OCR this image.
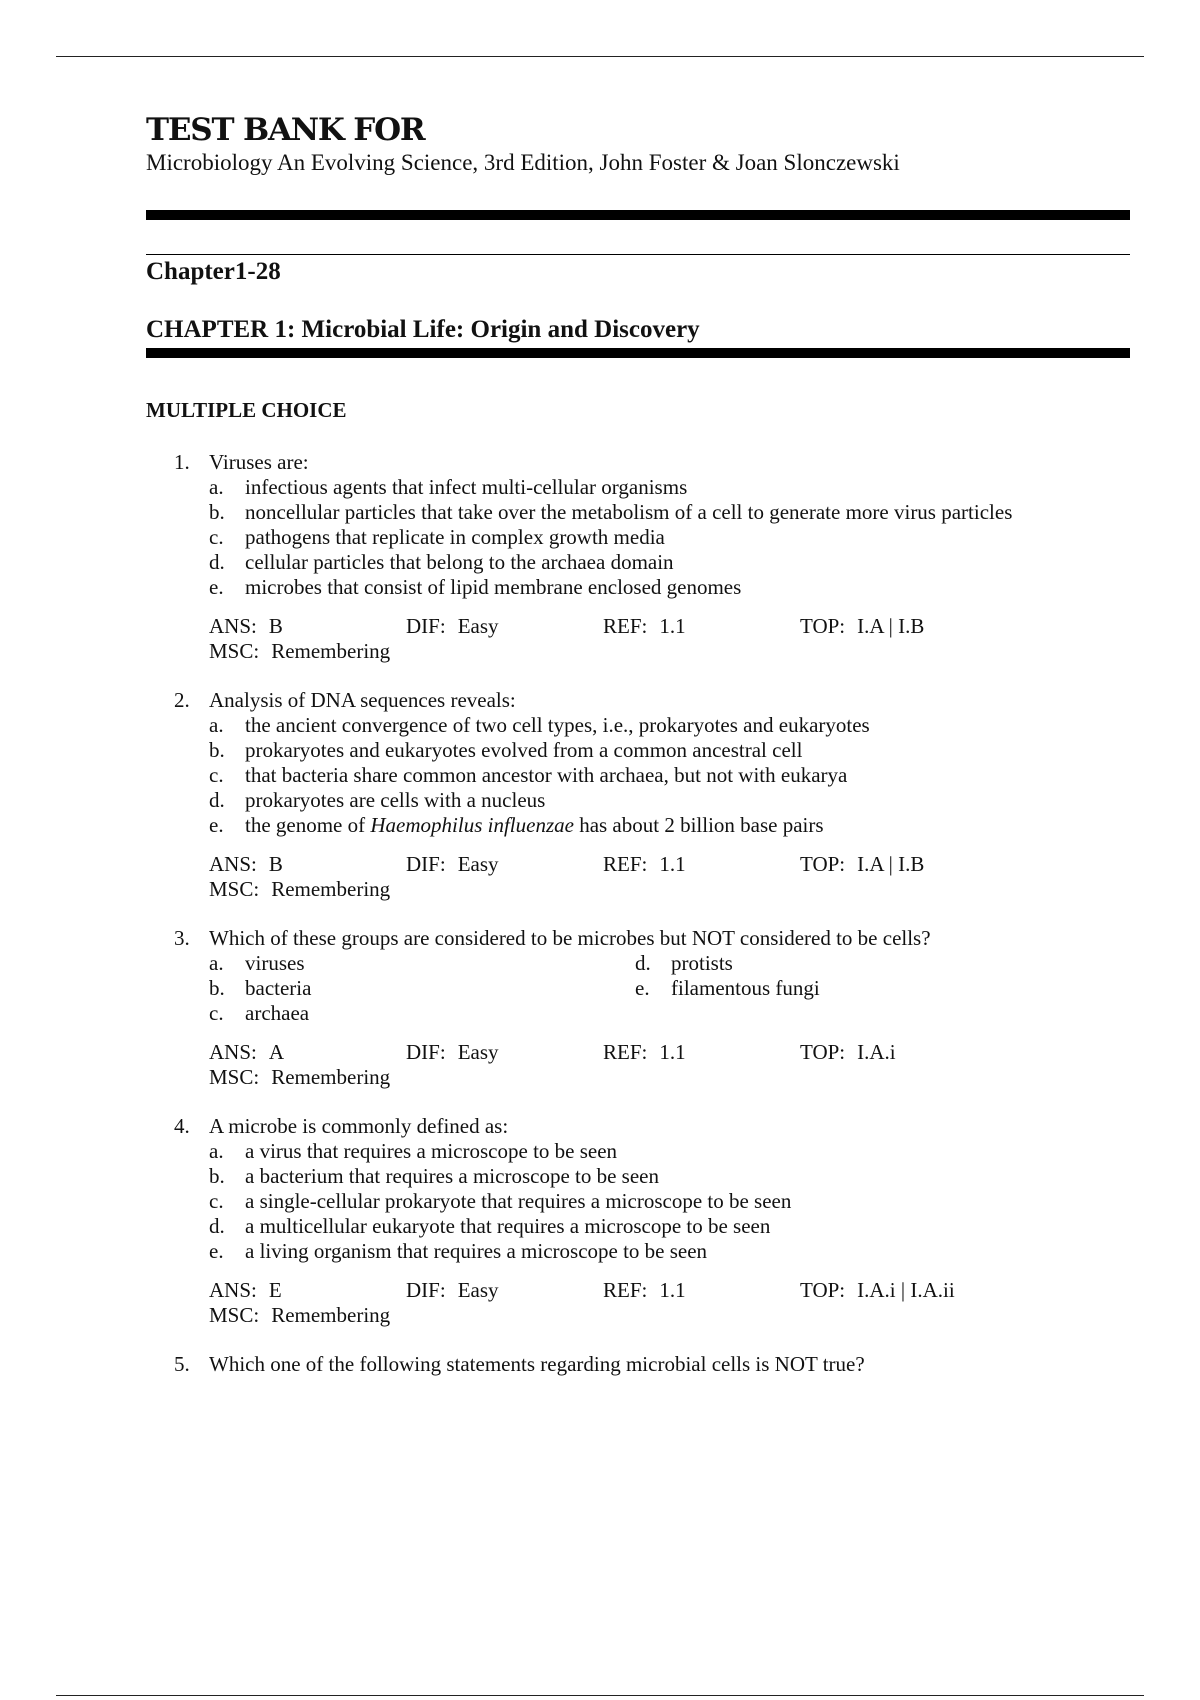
TEST BANK FOR
Microbiology An Evolving Science, 3rd Edition, John Foster & Joan Slonczewski
Chapter1-28
CHAPTER 1: Microbial Life: Origin and Discovery
MULTIPLE CHOICE
1. Viruses are:
a.	infectious agents that infect multi-cellular organisms
b. noncellular particles that take over the metabolism of a cell to generate more virus particles
c.	pathogens that replicate in complex growth media
d. cellular particles that belong to the archaea domain
e.	microbes that consist of lipid membrane enclosed genomes
ANS: B	DIF: Easy	REF: 1.1	TOP: I.A | I.B
MSC: Remembering
2. Analysis of DNA sequences reveals:
a.	the ancient convergence of two cell types, i.e., prokaryotes and eukaryotes
b. prokaryotes and eukaryotes evolved from a common ancestral cell
c.	that bacteria share common ancestor with archaea, but not with eukarya
d. prokaryotes are cells with a nucleus
e.	the genome of Haemophilus influenzae has about 2 billion base pairs
ANS: B	DIF: Easy	REF: 1.1	TOP: I.A | I.B
MSC: Remembering
3. Which of these groups are considered to be microbes but NOT considered to be cells?
a.	viruses	d. protists
b. bacteria	e.	filamentous fungi
c.	archaea
ANS: A	DIF: Easy	REF: 1.1	TOP: I.A.i
MSC: Remembering
4. A microbe is commonly defined as:
a.	a virus that requires a microscope to be seen
b. a bacterium that requires a microscope to be seen
c.	a single-cellular prokaryote that requires a microscope to be seen
d. a multicellular eukaryote that requires a microscope to be seen
e.	a living organism that requires a microscope to be seen
ANS: E	DIF: Easy	REF: 1.1	TOP: I.A.i | I.A.ii
MSC: Remembering
5. Which one of the following statements regarding microbial cells is NOT true?
